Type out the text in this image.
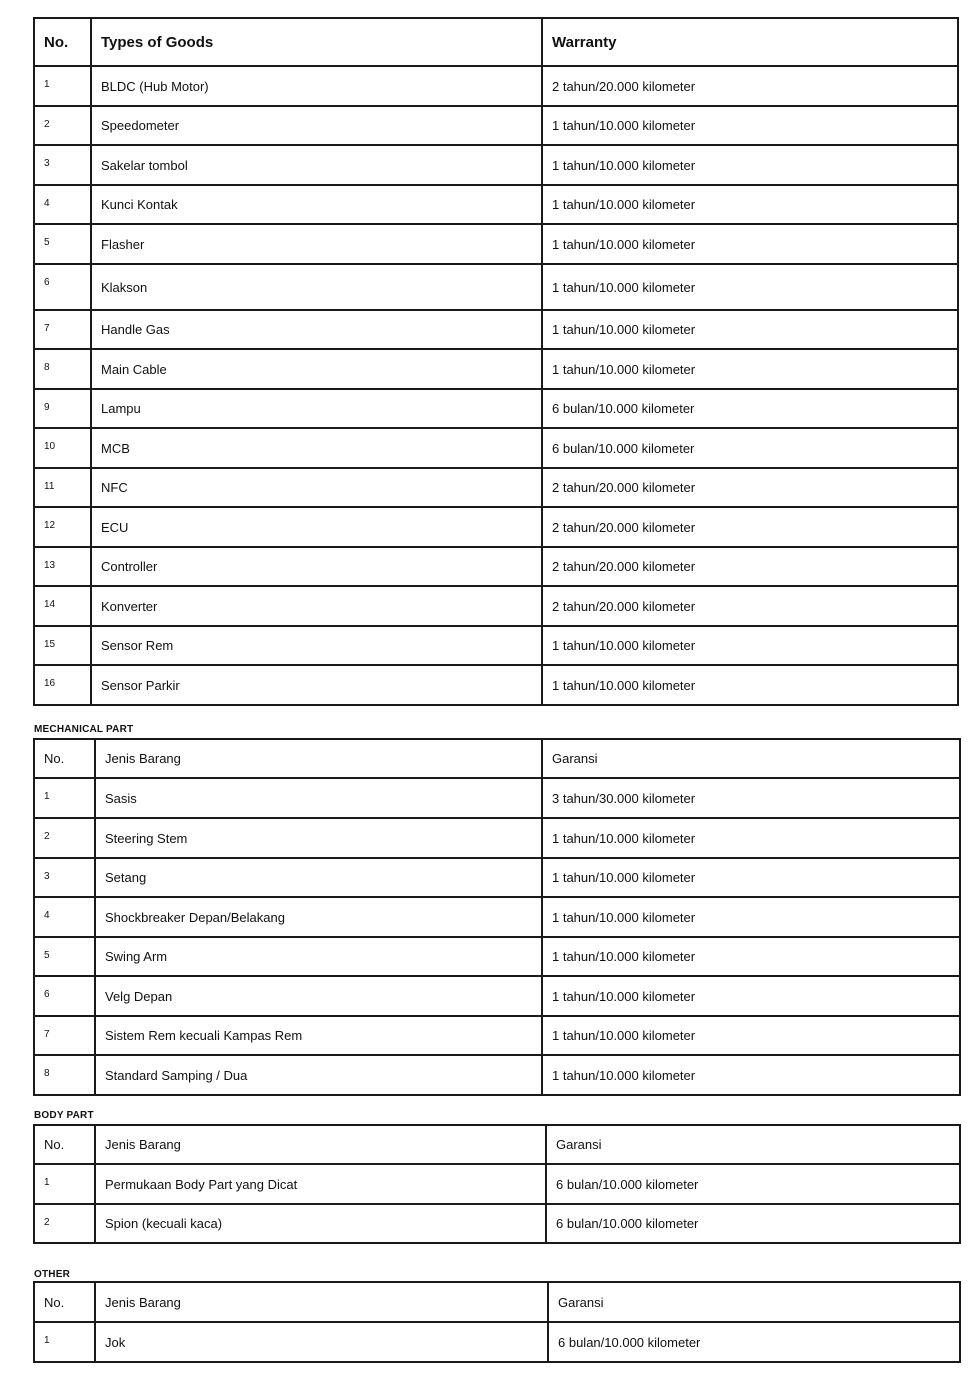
No.	Types of Goods	Warranty
1	BLDC (Hub Motor)	2 tahun/20.000 kilometer
2	Speedometer	1 tahun/10.000 kilometer
3	Sakelar tombol	1 tahun/10.000 kilometer
4	Kunci Kontak	1 tahun/10.000 kilometer
5	Flasher	1 tahun/10.000 kilometer
6	Klakson	1 tahun/10.000 kilometer
7	Handle Gas	1 tahun/10.000 kilometer
8	Main Cable	1 tahun/10.000 kilometer
9	Lampu	6 bulan/10.000 kilometer
10	MCB	6 bulan/10.000 kilometer
11	NFC	2 tahun/20.000 kilometer
12	ECU	2 tahun/20.000 kilometer
13	Controller	2 tahun/20.000 kilometer
14	Konverter	2 tahun/20.000 kilometer
15	Sensor Rem	1 tahun/10.000 kilometer
16	Sensor Parkir	1 tahun/10.000 kilometer
MECHANICAL PART
No.	Jenis Barang	Garansi
1	Sasis	3 tahun/30.000 kilometer
2	Steering Stem	1 tahun/10.000 kilometer
3	Setang	1 tahun/10.000 kilometer
4	Shockbreaker Depan/Belakang	1 tahun/10.000 kilometer
5	Swing Arm	1 tahun/10.000 kilometer
6	Velg Depan	1 tahun/10.000 kilometer
7	Sistem Rem kecuali Kampas Rem	1 tahun/10.000 kilometer
8	Standard Samping / Dua	1 tahun/10.000 kilometer
BODY PART
No.	Jenis Barang	Garansi
1	Permukaan Body Part yang Dicat	6 bulan/10.000 kilometer
2	Spion (kecuali kaca)	6 bulan/10.000 kilometer
OTHER
No.	Jenis Barang	Garansi
1	Jok	6 bulan/10.000 kilometer
